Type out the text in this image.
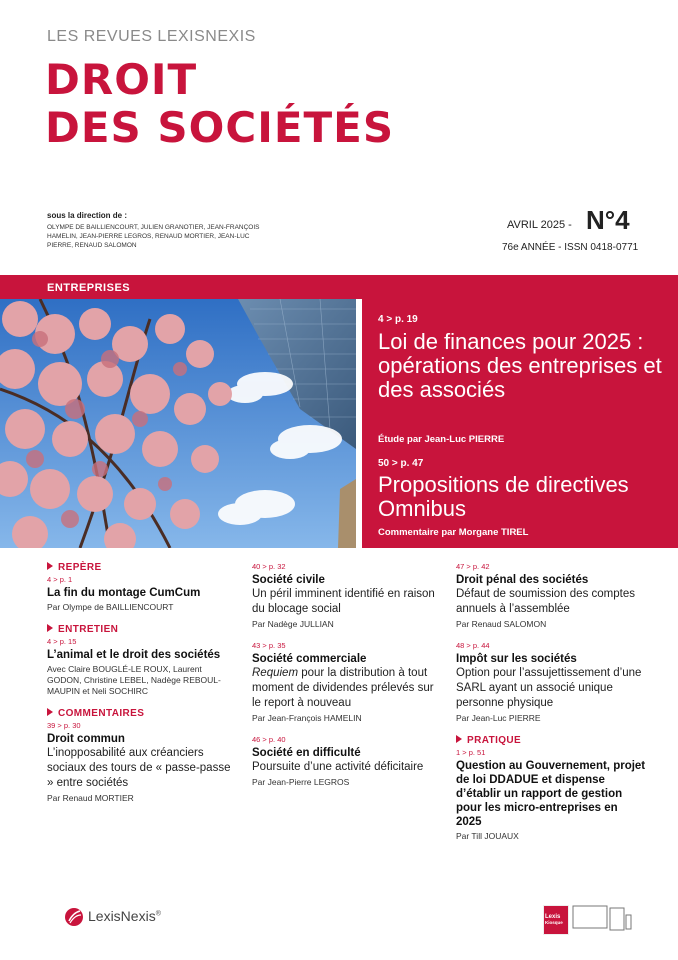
LES REVUES LEXISNEXIS
DROIT
DES SOCIÉTÉS
sous la direction de :
OLYMPE DE BAILLIENCOURT, JULIEN GRANOTIER, JEAN-FRANÇOIS HAMELIN, JEAN-PIERRE LEGROS, RENAUD MORTIER, JEAN-LUC PIERRE, RENAUD SALOMON
AVRIL 2025 - N°4
76e ANNÉE - ISSN 0418-0771
ENTREPRISES
4 > p. 19
Loi de finances pour 2025 : opérations des entreprises et des associés
Étude par Jean-Luc PIERRE
50 > p. 47
Propositions de directives Omnibus
Commentaire par Morgane TIREL
REPÈRE
4 > p. 1
La fin du montage CumCum
Par Olympe de BAILLIENCOURT
ENTRETIEN
4 > p. 15
L’animal et le droit des sociétés
Avec Claire BOUGLÉ-LE ROUX, Laurent GODON, Christine LEBEL, Nadège REBOUL-MAUPIN et Neli SOCHIRC
COMMENTAIRES
39 > p. 30
Droit commun
L’inopposabilité aux créanciers sociaux des tours de « passe-passe » entre sociétés
Par Renaud MORTIER
40 > p. 32
Société civile
Un péril imminent identifié en raison du blocage social
Par Nadège JULLIAN
43 > p. 35
Société commerciale
Requiem pour la distribution à tout moment de dividendes prélevés sur le report à nouveau
Par Jean-François HAMELIN
46 > p. 40
Société en difficulté
Poursuite d’une activité déficitaire
Par Jean-Pierre LEGROS
47 > p. 42
Droit pénal des sociétés
Défaut de soumission des comptes annuels à l’assemblée
Par Renaud SALOMON
48 > p. 44
Impôt sur les sociétés
Option pour l’assujettissement d’une SARL ayant un associé unique personne physique
Par Jean-Luc PIERRE
PRATIQUE
1 > p. 51
Question au Gouvernement, projet de loi DDADUE et dispense d’établir un rapport de gestion pour les micro-entreprises en 2025
Par Till JOUAUX
LexisNexis®	Lexis
Kiosque
